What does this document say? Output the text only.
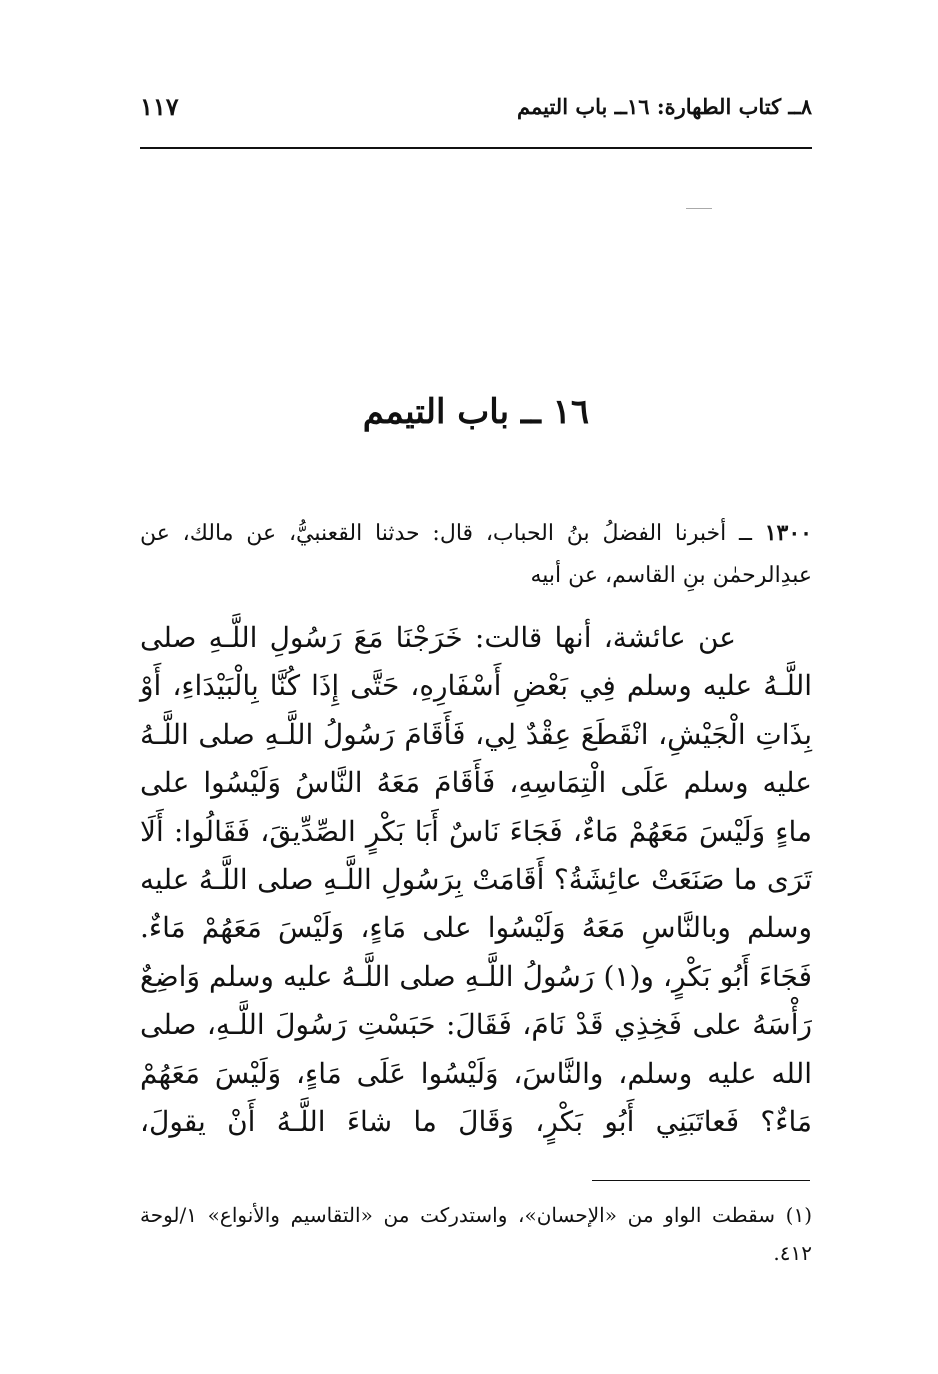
٨ــ كتاب الطهارة: ١٦ــ باب التيمم
١١٧
١٦ ــ باب التيمم
١٣٠٠ ــ أخبرنا الفضلُ بنُ الحباب، قال: حدثنا القعنبيُّ، عن مالك، عن عبدِالرحمٰن بنِ القاسم، عن أبيه
عن عائشة، أنها قالت: خَرَجْنَا مَعَ رَسُولِ اللَّـهِ صلى اللَّـهُ عليه وسلم فِي بَعْضِ أَسْفَارِهِ، حَتَّى إِذَا كُنَّا بِالْبَيْدَاءِ، أَوْ بِذَاتِ الْجَيْشِ، انْقَطَعَ عِقْدٌ لِي، فَأَقَامَ رَسُولُ اللَّـهِ صلى اللَّـهُ عليه وسلم عَلَى الْتِمَاسِهِ، فَأَقَامَ مَعَهُ النَّاسُ وَلَيْسُوا على ماءٍ وَلَيْسَ مَعَهُمْ مَاءٌ، فَجَاءَ نَاسٌ أَبَا بَكْرٍ الصِّدِّيقَ، فَقَالُوا: أَلَا تَرَى ما صَنَعَتْ عائِشَةُ؟ أَقَامَتْ بِرَسُولِ اللَّـهِ صلى اللَّـهُ عليه وسلم وبالنَّاسِ مَعَهُ وَلَيْسُوا على مَاءٍ، وَلَيْسَ مَعَهُمْ مَاءٌ. فَجَاءَ أَبُو بَكْرٍ، و(١) رَسُولُ اللَّـهِ صلى اللَّـهُ عليه وسلم وَاضِعٌ رَأْسَهُ على فَخِذِي قَدْ نَامَ، فَقَالَ: حَبَسْتِ رَسُولَ اللَّـهِ، صلى الله عليه وسلم، والنَّاسَ، وَلَيْسُوا عَلَى مَاءٍ، وَلَيْسَ مَعَهُمْ مَاءٌ؟ فَعاتَبَنِي أَبُو بَكْرٍ، وَقَالَ ما شاءَ اللَّـهُ أَنْ يقولَ،
(١) سقطت الواو من «الإحسان»، واستدركت من «التقاسيم والأنواع» ١/لوحة ٤١٢.
